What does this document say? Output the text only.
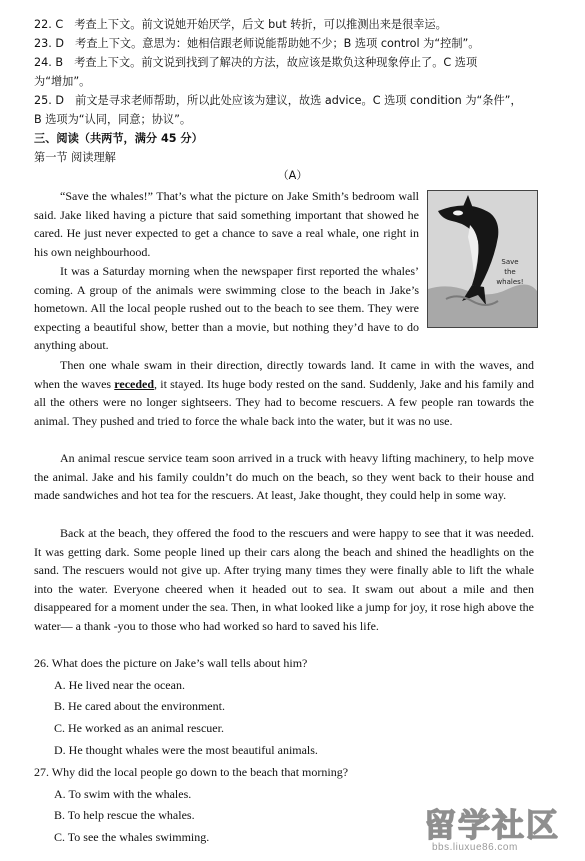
22. C　考查上下文。前文说她开始厌学，后文 but 转折，可以推测出来是很幸运。
23. D　考查上下文。意思为：她相信跟老师说能帮助她不少；B 选项 control 为“控制”。
24. B　考查上下文。前文说到找到了解决的方法，故应该是欺负这种现象停止了。C 选项
为“增加”。
25. D　前文是寻求老师帮助，所以此处应该为建议，故选 advice。C 选项 condition 为“条件”，
B 选项为“认同，同意；协议”。
三、阅读（共两节，满分 45 分）
第一节 阅读理解
（A）

“Save the whales!” That’s what the picture on Jake Smith’s bedroom wall said. Jake liked having a picture that said something important that showed he cared. He just never expected to get a chance to save a real whale, one right in his own neighbourhood.

It was a Saturday morning when the newspaper first reported the whales’ coming. A group of the animals were swimming close to the beach in Jake’s hometown. All the local people rushed out to the beach to see them. They were expecting a beautiful show, better than a movie, but nothing they’d have to do anything about.

Save
the
whales!

Then one whale swam in their direction, directly towards land. It came in with the waves, and when the waves receded, it stayed. Its huge body rested on the sand. Suddenly, Jake and his family and all the others were no longer sightseers. They had to become rescuers. A few people ran towards the animal. They pushed and tried to force the whale back into the water, but it was no use.

An animal rescue service team soon arrived in a truck with heavy lifting machinery, to help move the animal. Jake and his family couldn’t do much on the beach, so they went back to their house and made sandwiches and hot tea for the rescuers. At least, Jake thought, they could help in some way.

Back at the beach, they offered the food to the rescuers and were happy to see that it was needed. It was getting dark. Some people lined up their cars along the beach and shined the headlights on the sand. The rescuers would not give up. After trying many times they were finally able to lift the whale into the water. Everyone cheered when it headed out to sea. It swam out about a mile and then disappeared for a moment under the sea. Then, in what looked like a jump for joy, it rose high above the water— a thank -you to those who had worked so hard to saved his life.

26. What does the picture on Jake’s wall tells about him?
A. He lived near the ocean.
B. He cared about the environment.
C. He worked as an animal rescuer.
D. He thought whales were the most beautiful animals.
27. Why did the local people go down to the beach that morning?
A. To swim with the whales.
B. To help rescue the whales.
C. To see the whales swimming.	留学社区
bbs.liuxue86.com
